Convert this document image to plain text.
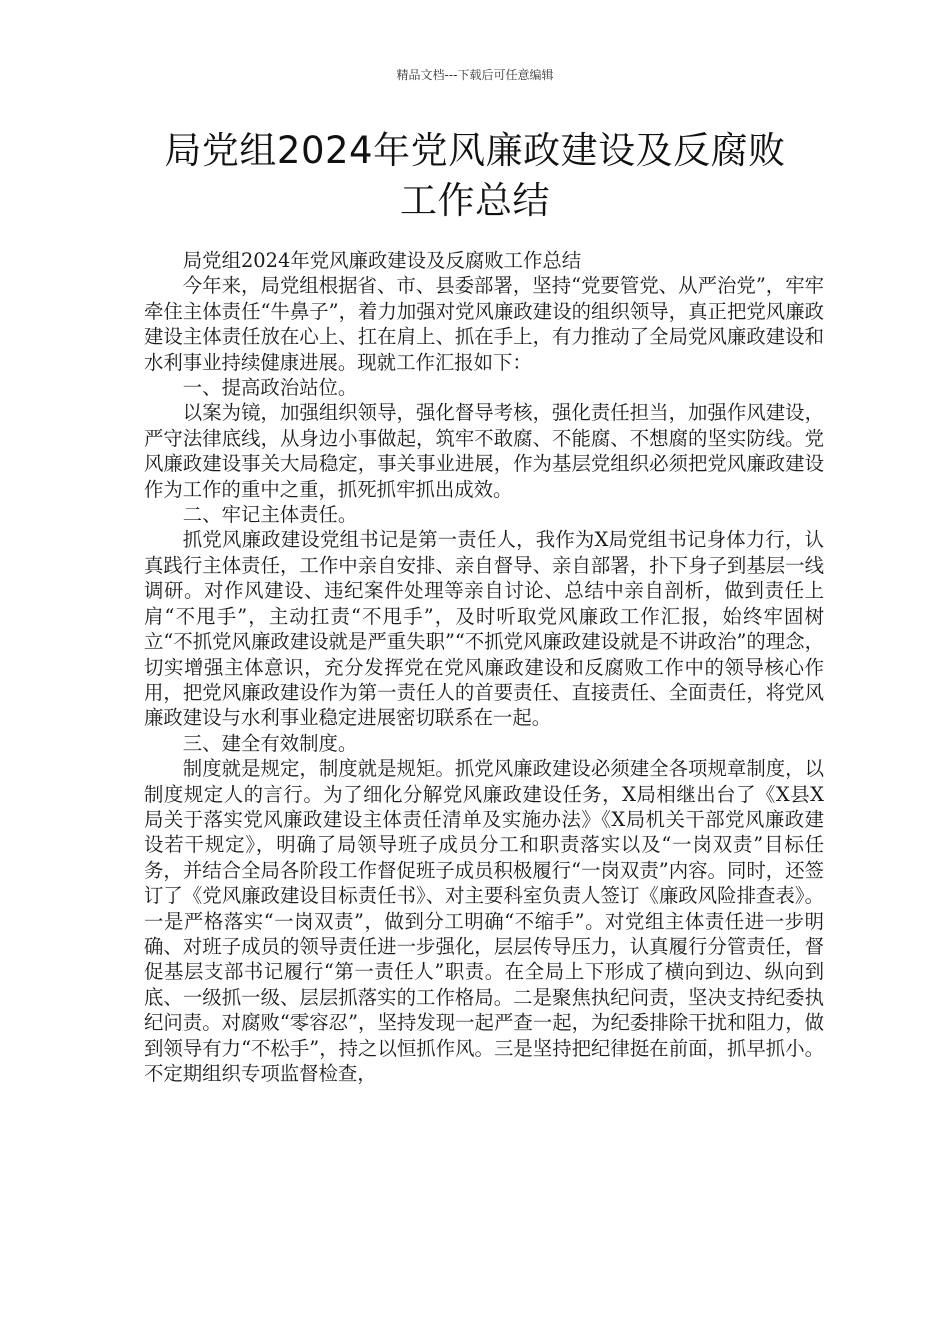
精品文档---下载后可任意编辑
局党组2024年党风廉政建设及反腐败
工作总结

局党组2024年党风廉政建设及反腐败工作总结

今年来，局党组根据省、市、县委部署，坚持“党要管党、从严治党”，牢牢牵住主体责任“牛鼻子”，着力加强对党风廉政建设的组织领导，真正把党风廉政建设主体责任放在心上、扛在肩上、抓在手上，有力推动了全局党风廉政建设和水利事业持续健康进展。现就工作汇报如下：

一、提高政治站位。

以案为镜，加强组织领导，强化督导考核，强化责任担当，加强作风建设，严守法律底线，从身边小事做起，筑牢不敢腐、不能腐、不想腐的坚实防线。党风廉政建设事关大局稳定，事关事业进展，作为基层党组织必须把党风廉政建设作为工作的重中之重，抓死抓牢抓出成效。

二、牢记主体责任。

抓党风廉政建设党组书记是第一责任人，我作为X局党组书记身体力行，认真践行主体责任，工作中亲自安排、亲自督导、亲自部署，扑下身子到基层一线调研。对作风建设、违纪案件处理等亲自讨论、总结中亲自剖析，做到责任上肩“不甩手”，主动扛责“不甩手”，及时听取党风廉政工作汇报，始终牢固树立“不抓党风廉政建设就是严重失职”“不抓党风廉政建设就是不讲政治”的理念，切实增强主体意识，充分发挥党在党风廉政建设和反腐败工作中的领导核心作用，把党风廉政建设作为第一责任人的首要责任、直接责任、全面责任，将党风廉政建设与水利事业稳定进展密切联系在一起。

三、建全有效制度。

制度就是规定，制度就是规矩。抓党风廉政建设必须建全各项规章制度，以制度规定人的言行。为了细化分解党风廉政建设任务，X局相继出台了《X县X局关于落实党风廉政建设主体责任清单及实施办法》《X局机关干部党风廉政建设若干规定》，明确了局领导班子成员分工和职责落实以及“一岗双责”目标任务，并结合全局各阶段工作督促班子成员积极履行“一岗双责”内容。同时，还签订了《党风廉政建设目标责任书》、对主要科室负责人签订《廉政风险排查表》。一是严格落实“一岗双责”，做到分工明确“不缩手”。对党组主体责任进一步明确、对班子成员的领导责任进一步强化，层层传导压力，认真履行分管责任，督促基层支部书记履行“第一责任人”职责。在全局上下形成了横向到边、纵向到底、一级抓一级、层层抓落实的工作格局。二是聚焦执纪问责，坚决支持纪委执纪问责。对腐败“零容忍”，坚持发现一起严查一起，为纪委排除干扰和阻力，做到领导有力“不松手”，持之以恒抓作风。三是坚持把纪律挺在前面，抓早抓小。不定期组织专项监督检查，
